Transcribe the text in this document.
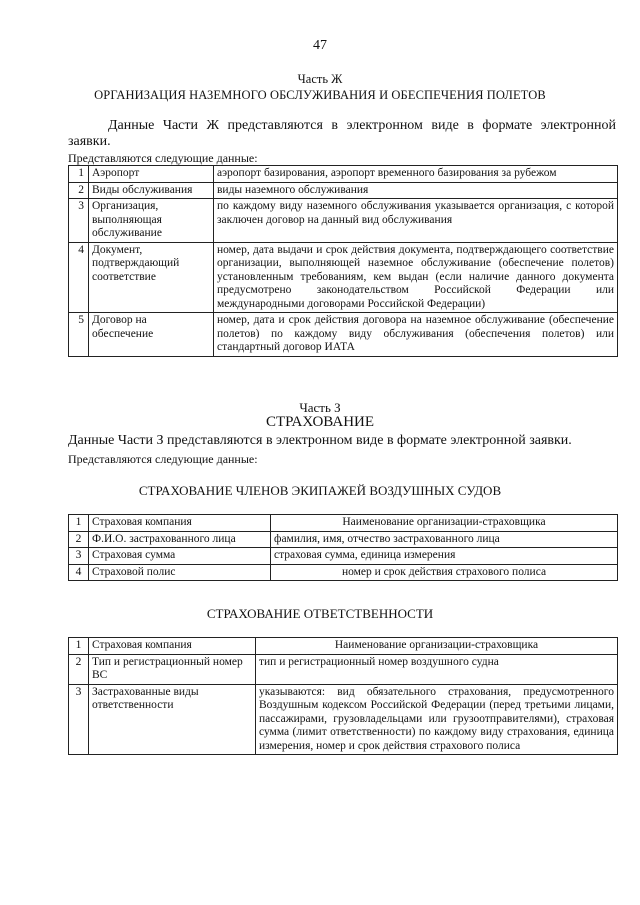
47
Часть Ж
ОРГАНИЗАЦИЯ НАЗЕМНОГО ОБСЛУЖИВАНИЯ И ОБЕСПЕЧЕНИЯ ПОЛЕТОВ
Данные Части Ж представляются в электронном виде в формате электронной заявки.
Представляются следующие данные:
1	Аэропорт	аэропорт базирования, аэропорт временного базирования за рубежом
2	Виды обслуживания	виды наземного обслуживания
3	Организация, выполняющая обслуживание	по каждому виду наземного обслуживания указывается организация, с которой заключен договор на данный вид обслуживания
4	Документ, подтверждающий соответствие	номер, дата выдачи и срок действия документа, подтверждающего соответствие организации, выполняющей наземное обслуживание (обеспечение полетов) установленным требованиям, кем выдан (если наличие данного документа предусмотрено законодательством Российской Федерации или международными договорами Российской Федерации)
5	Договор на обеспечение	номер, дата и срок действия договора на наземное обслуживание (обеспечение полетов) по каждому виду обслуживания (обеспечения полетов) или стандартный договор ИАТА
Часть З
СТРАХОВАНИЕ
Данные Части З представляются в электронном виде в формате электронной заявки.
Представляются следующие данные:
СТРАХОВАНИЕ ЧЛЕНОВ ЭКИПАЖЕЙ ВОЗДУШНЫХ СУДОВ
1	Страховая компания	Наименование организации-страховщика
2	Ф.И.О. застрахованного лица	фамилия, имя, отчество застрахованного лица
3	Страховая сумма	страховая сумма, единица измерения
4	Страховой полис	номер и срок действия страхового полиса
СТРАХОВАНИЕ ОТВЕТСТВЕННОСТИ
1	Страховая компания	Наименование организации-страховщика
2	Тип и регистрационный номер ВС	тип и регистрационный номер воздушного судна
3	Застрахованные виды ответственности	указываются: вид обязательного страхования, предусмотренного Воздушным кодексом Российской Федерации (перед третьими лицами, пассажирами, грузовладельцами или грузоотправителями), страховая сумма (лимит ответственности) по каждому виду страхования, единица измерения, номер и срок действия страхового полиса
